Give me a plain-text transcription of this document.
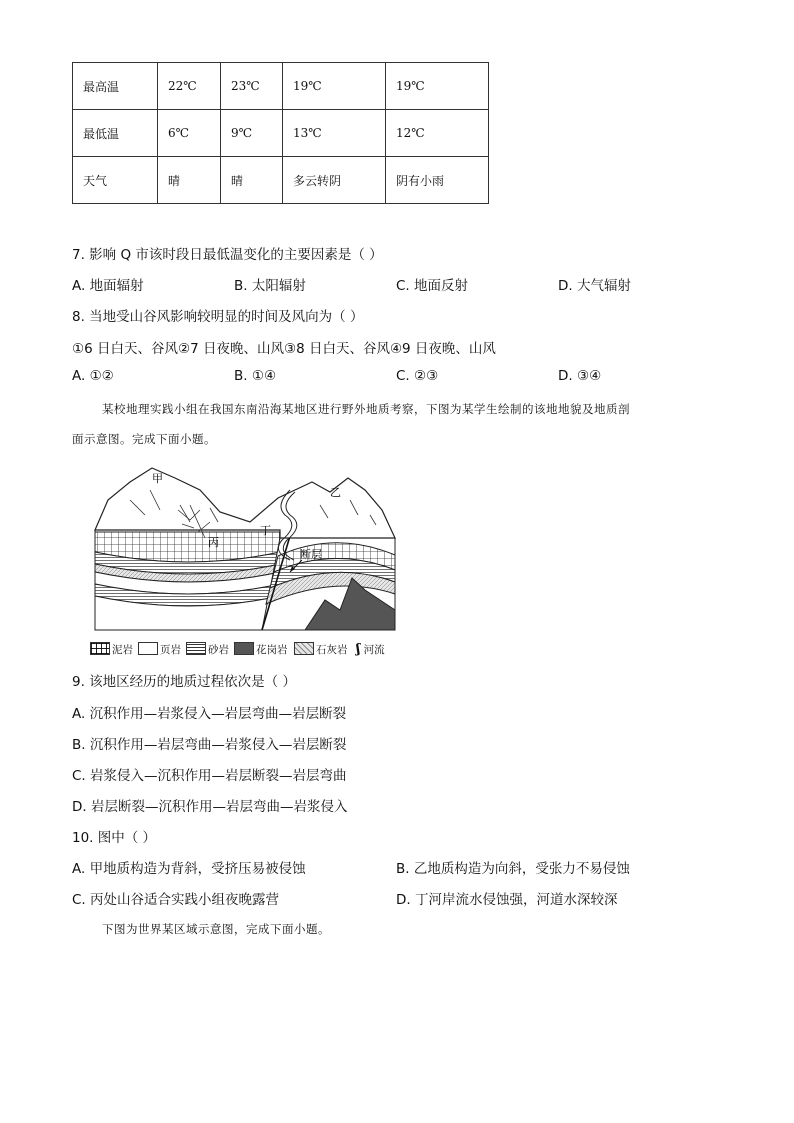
最高温	22℃	23℃	19℃	19℃
最低温	6℃	9℃	13℃	12℃
天气	晴	晴	多云转阴	阴有小雨
7. 影响 Q 市该时段日最低温变化的主要因素是（ ）
A. 地面辐射	B. 太阳辐射	C. 地面反射	D. 大气辐射
8. 当地受山谷风影响较明显的时间及风向为（ ）
①6 日白天、谷风②7 日夜晚、山风③8 日白天、谷风④9 日夜晚、山风
A. ①②	B. ①④	C. ②③	D. ③④
某校地理实践小组在我国东南沿海某地区进行野外地质考察，下图为某学生绘制的该地地貌及地质剖
面示意图。完成下面小题。
甲
乙
丙
丁
断层
泥岩	页岩	砂岩	花岗岩	石灰岩 ʃ 河流
9. 该地区经历的地质过程依次是（ ）
A. 沉积作用—岩浆侵入—岩层弯曲—岩层断裂
B. 沉积作用—岩层弯曲—岩浆侵入—岩层断裂
C. 岩浆侵入—沉积作用—岩层断裂—岩层弯曲
D. 岩层断裂—沉积作用—岩层弯曲—岩浆侵入
10. 图中（ ）
A. 甲地质构造为背斜，受挤压易被侵蚀	B. 乙地质构造为向斜，受张力不易侵蚀
C. 丙处山谷适合实践小组夜晚露营	D. 丁河岸流水侵蚀强，河道水深较深
下图为世界某区域示意图，完成下面小题。
